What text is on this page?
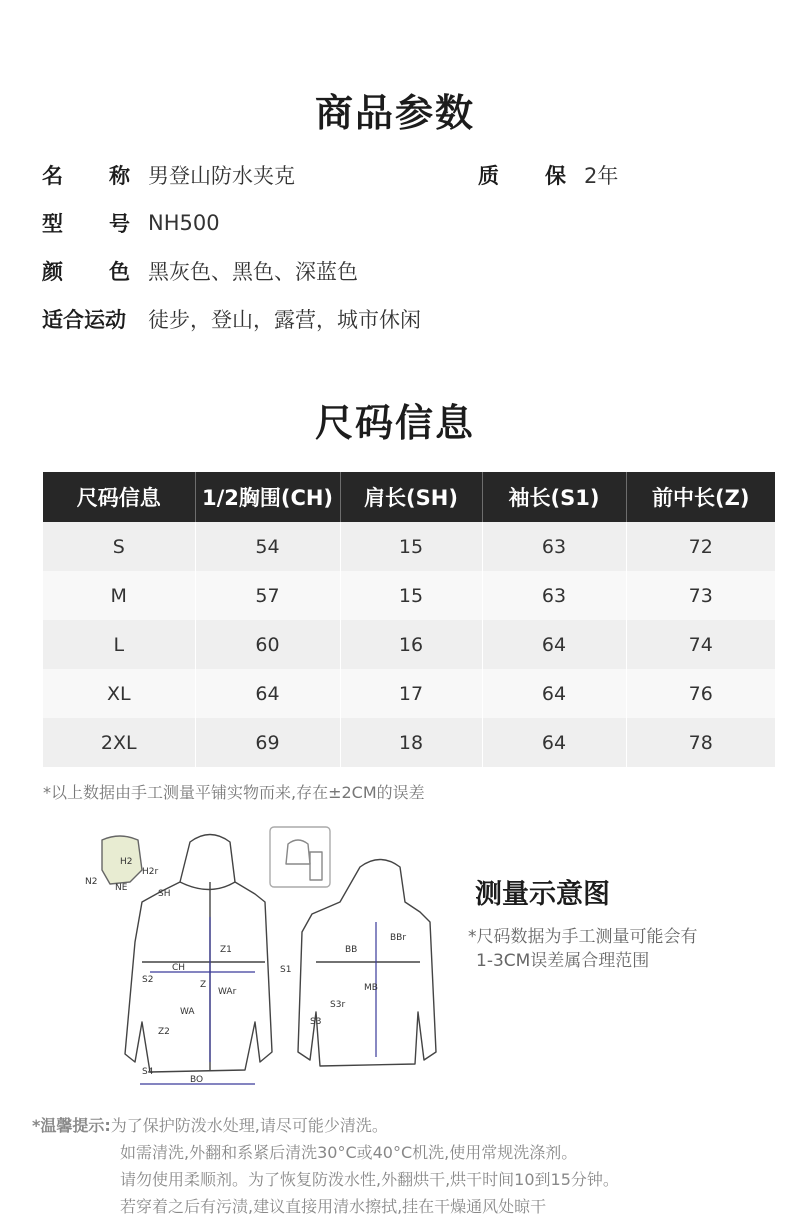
商品参数
名 称 男登山防水夹克	质 保 2年
型 号 NH500
颜 色 黑灰色、黑色、深蓝色
适合运动 徒步，登山，露营，城市休闲
尺码信息
尺码信息	1/2胸围(CH)	肩长(SH)	袖长(S1)	前中长(Z)
S	54	15	63	72
M	57	15	63	73
L	60	16	64	74
XL	64	17	64	76
2XL	69	18	64	78
*以上数据由手工测量平铺实物而来,存在±2CM的误差
H2
H2r
N2
NE
SH
CH
S2
Z1
Z
WAr
WA
Z2
S4
BO
S1
BB
BBr
MB
S3
S3r
测量示意图
*尺码数据为手工测量可能会有
1-3CM误差属合理范围
*温馨提示:为了保护防泼水处理,请尽可能少清洗。
如需清洗,外翻和系紧后清洗30°C或40°C机洗,使用常规洗涤剂。
请勿使用柔顺剂。为了恢复防泼水性,外翻烘干,烘干时间10到15分钟。
若穿着之后有污渍,建议直接用清水擦拭,挂在干燥通风处晾干
